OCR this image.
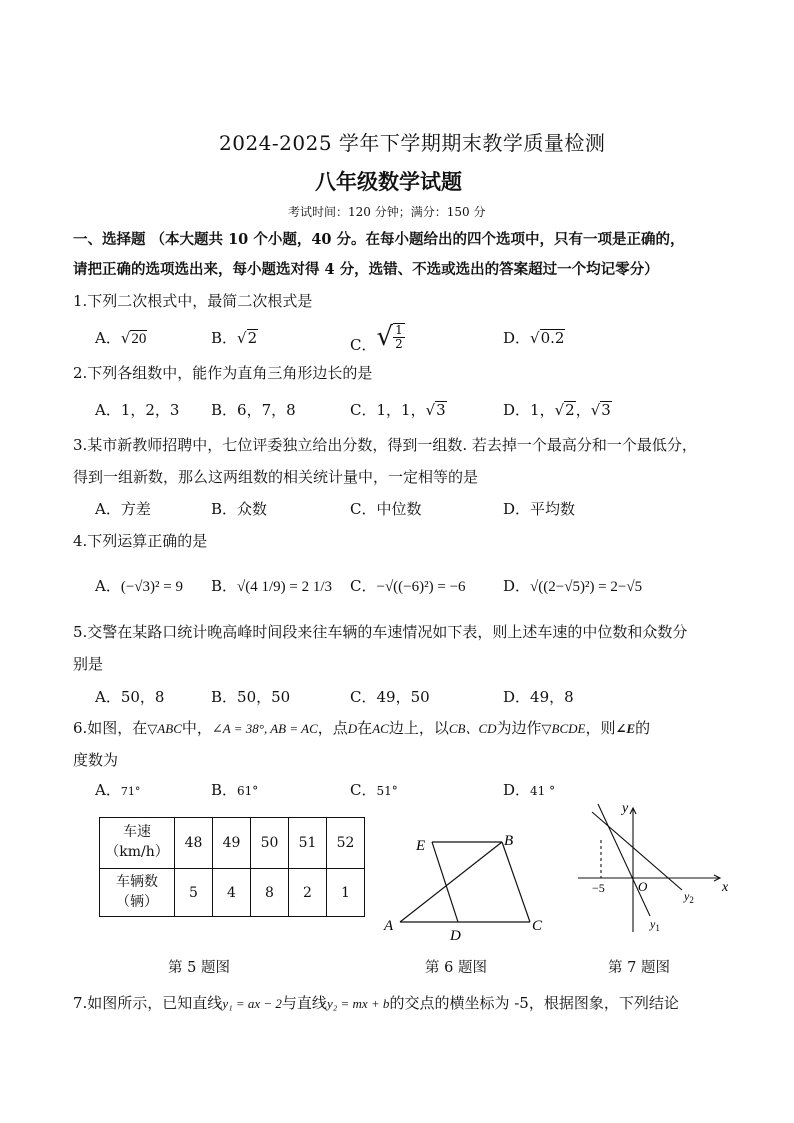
2024-2025 学年下学期期末教学质量检测
八年级数学试题
考试时间：120 分钟；满分：150 分
一、选择题 （本大题共 10 个小题，40 分。在每小题给出的四个选项中，只有一项是正确的，
请把正确的选项选出来，每小题选对得 4 分，选错、不选或选出的答案超过一个均记零分）
1.下列二次根式中，最简二次根式是
A．√20	B．√2	C．√ $\frac{1}{2}$	D．√0.2
2.下列各组数中，能作为直角三角形边长的是
A．1，2，3 B．6，7，8	C．1，1，√3	D．1，√2，√3
3.某市新教师招聘中，七位评委独立给出分数，得到一组数. 若去掉一个最高分和一个最低分，
得到一组新数，那么这两组数的相关统计量中，一定相等的是
A．方差	B．众数	C．中位数	D．平均数
4.下列运算正确的是
A．(−√3)² = 9 B．√(4 1/9) = 2 1/3 C．−√((−6)²) = −6 D．√((2−√5)²) = 2−√5
5.交警在某路口统计晚高峰时间段来往车辆的车速情况如下表，则上述车速的中位数和众数分
别是
A．50，8	B．50，50	C．49，50	D．49，8
6.如图，在▽ABC中，∠A = 38°, AB = AC，点D在AC边上，以CB、CD为边作▽BCDE，则∠E的
度数为
A．71°	B．61°	C．51°	D．41 °
车速
（km/h）	48	49	50	51	52

车辆数
（辆）	5	4	8	2	1
E	B
A
D
C
y
x
O
−5
$y_1$
$y_2$
第 5 题图	第 6 题图	第 7 题图
7.如图所示，已知直线y₁ = ax − 2与直线y₂ = mx + b的交点的横坐标为 -5，根据图象，下列结论
